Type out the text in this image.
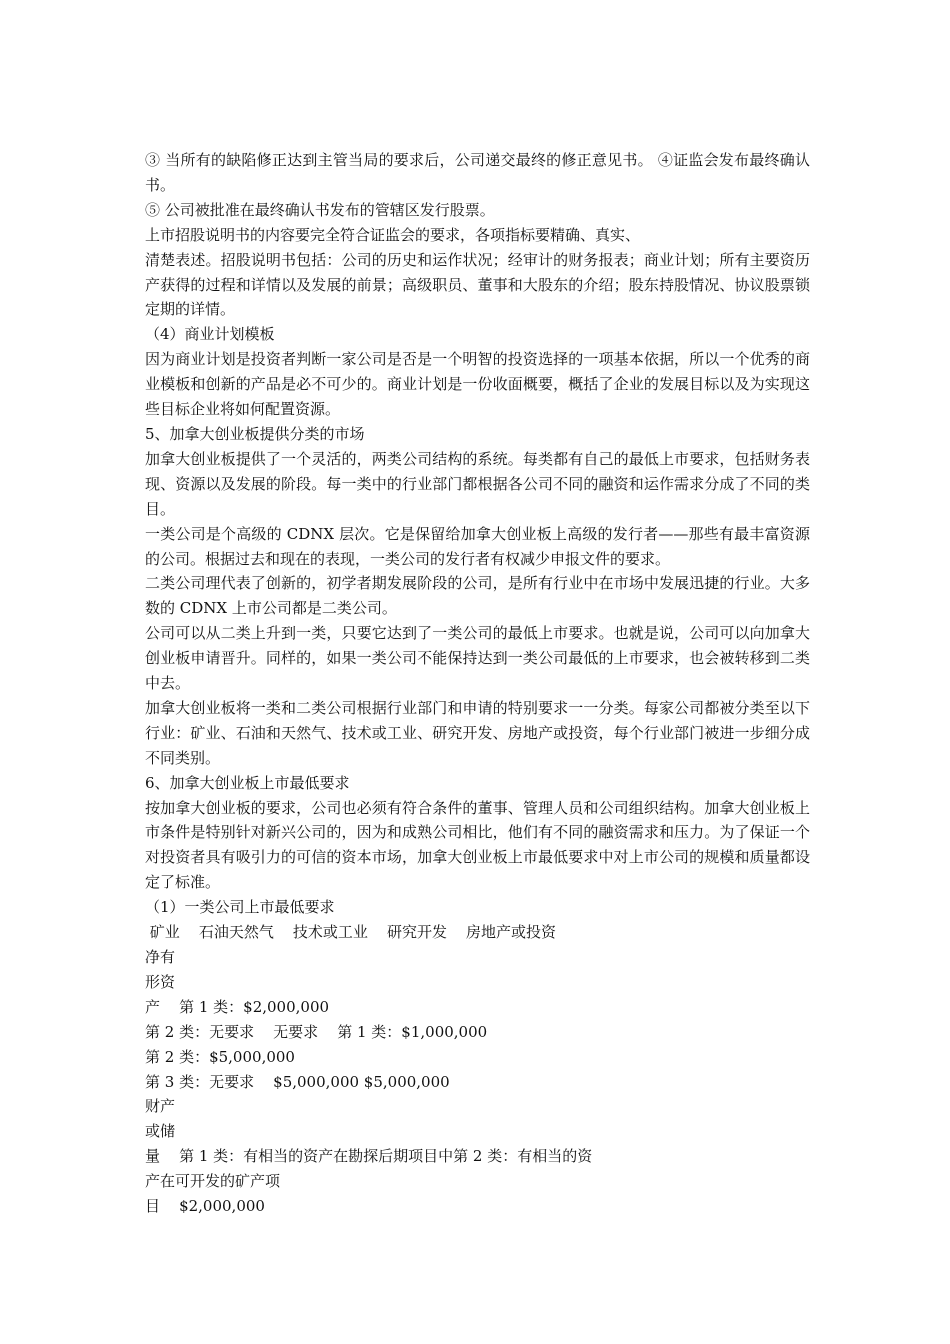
③ 当所有的缺陷修正达到主管当局的要求后，公司递交最终的修正意见书。 ④证监会发布最终确认书。

⑤ 公司被批准在最终确认书发布的管辖区发行股票。

上市招股说明书的内容要完全符合证监会的要求，各项指标要精确、真实、

清楚表述。招股说明书包括：公司的历史和运作状况；经审计的财务报表；商业计划；所有主要资历产获得的过程和详情以及发展的前景；高级职员、董事和大股东的介绍；股东持股情况、协议股票锁定期的详情。

（4）商业计划模板

因为商业计划是投资者判断一家公司是否是一个明智的投资选择的一项基本依据，所以一个优秀的商业模板和创新的产品是必不可少的。商业计划是一份收面概要，概括了企业的发展目标以及为实现这些目标企业将如何配置资源。

5、加拿大创业板提供分类的市场

加拿大创业板提供了一个灵活的，两类公司结构的系统。每类都有自己的最低上市要求，包括财务表现、资源以及发展的阶段。每一类中的行业部门都根据各公司不同的融资和运作需求分成了不同的类目。

一类公司是个高级的 CDNX 层次。它是保留给加拿大创业板上高级的发行者——那些有最丰富资源的公司。根据过去和现在的表现，一类公司的发行者有权减少申报文件的要求。

二类公司理代表了创新的，初学者期发展阶段的公司，是所有行业中在市场中发展迅捷的行业。大多数的 CDNX 上市公司都是二类公司。

公司可以从二类上升到一类，只要它达到了一类公司的最低上市要求。也就是说，公司可以向加拿大创业板申请晋升。同样的，如果一类公司不能保持达到一类公司最低的上市要求，也会被转移到二类中去。

加拿大创业板将一类和二类公司根据行业部门和申请的特别要求一一分类。每家公司都被分类至以下行业：矿业、石油和天然气、技术或工业、研究开发、房地产或投资，每个行业部门被进一步细分成不同类别。

6、加拿大创业板上市最低要求

按加拿大创业板的要求，公司也必须有符合条件的董事、管理人员和公司组织结构。加拿大创业板上市条件是特别针对新兴公司的，因为和成熟公司相比，他们有不同的融资需求和压力。为了保证一个对投资者具有吸引力的可信的资本市场，加拿大创业板上市最低要求中对上市公司的规模和质量都设定了标准。

（1）一类公司上市最低要求

矿业    石油天然气    技术或工业    研究开发    房地产或投资

净有

形资

产    第 1 类：$2,000,000

第 2 类：无要求    无要求    第 1 类：$1,000,000

第 2 类：$5,000,000

第 3 类：无要求    $5,000,000 $5,000,000

财产

或储

量    第 1 类：有相当的资产在勘探后期项目中第 2 类：有相当的资

产在可开发的矿产项

目    $2,000,000
